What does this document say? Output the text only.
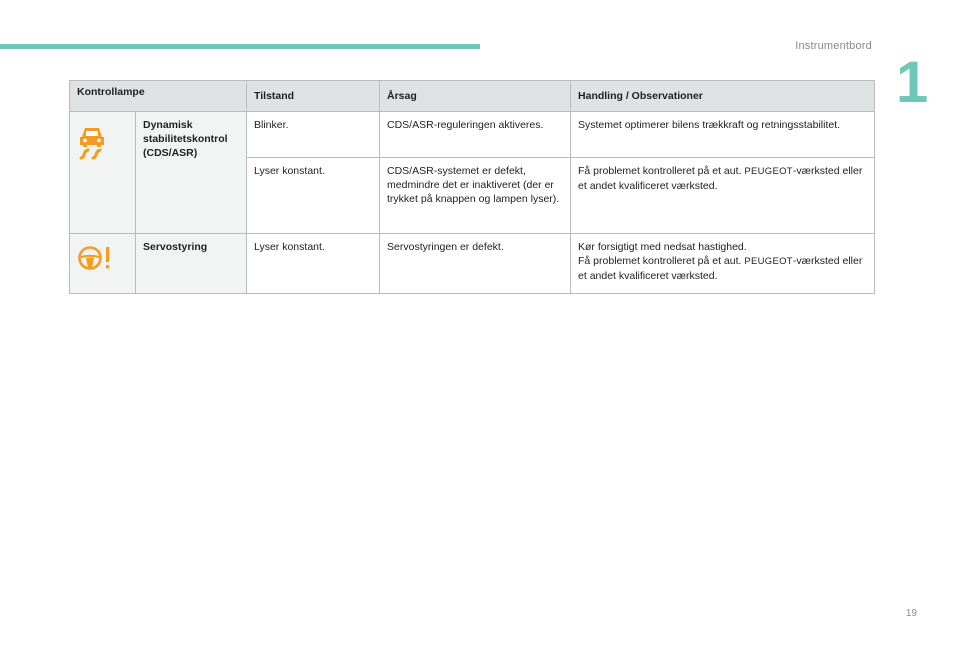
Instrumentbord
1
Kontrollampe		Tilstand	Årsag	Handling / Observationer
	Dynamisk stabilitetskontrol (CDS/ASR)	Blinker.	CDS/ASR-reguleringen aktiveres.	Systemet optimerer bilens trækkraft og retningsstabilitet.
		Lyser konstant.	CDS/ASR-systemet er defekt, medmindre det er inaktiveret (der er trykket på knappen og lampen lyser).	Få problemet kontrolleret på et aut. PEUGEOT-værksted eller et andet kvalificeret værksted.
	Servostyring	Lyser konstant.	Servostyringen er defekt.	Kør forsigtigt med nedsat hastighed.
Få problemet kontrolleret på et aut. PEUGEOT-værksted eller et andet kvalificeret værksted.
19
